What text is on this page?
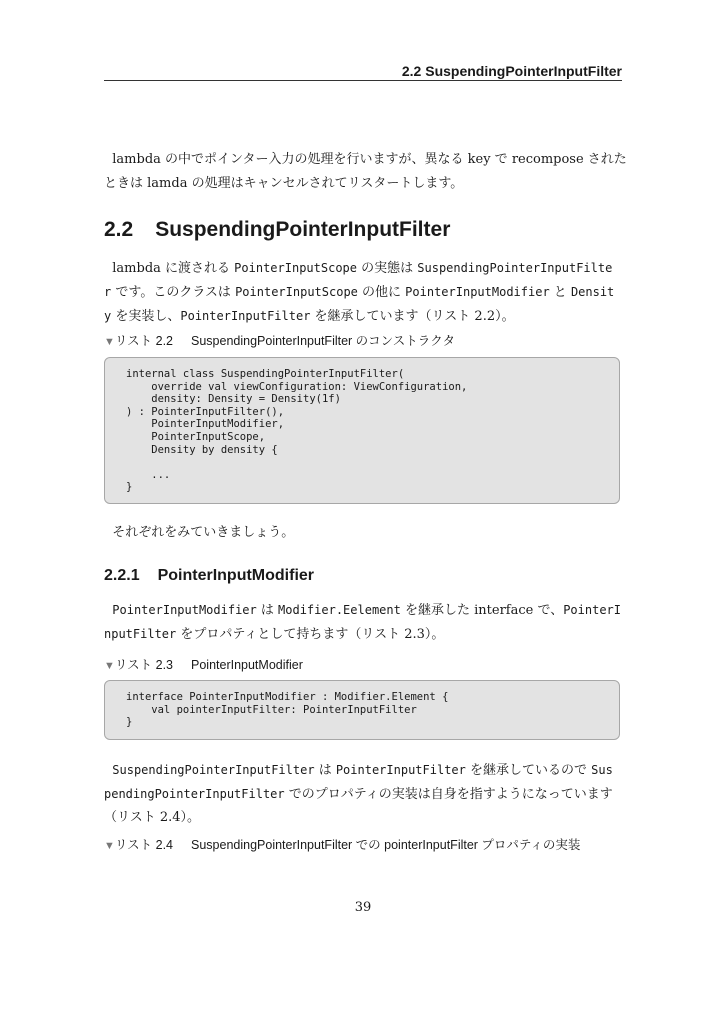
2.2 SuspendingPointerInputFilter
lambda の中でポインター入力の処理を行いますが、異なる key で recompose された
ときは lamda の処理はキャンセルされてリスタートします。
2.2 SuspendingPointerInputFilter
lambda に渡される PointerInputScope の実態は SuspendingPointerInputFilte
r です。このクラスは PointerInputScope の他に PointerInputModifier と Densit
y を実装し、PointerInputFilter を継承しています（リスト 2.2）。
▼リスト 2.2 SuspendingPointerInputFilter のコンストラクタ
internal class SuspendingPointerInputFilter(
override val viewConfiguration: ViewConfiguration,
density: Density = Density(1f)
) : PointerInputFilter(),
PointerInputModifier,
PointerInputScope,
Density by density {

...
}
それぞれをみていきましょう。
2.2.1 PointerInputModifier
PointerInputModifier は Modifier.Eelement を継承した interface で、PointerI
nputFilter をプロパティとして持ちます（リスト 2.3）。
▼リスト 2.3 PointerInputModifier
interface PointerInputModifier : Modifier.Element {
val pointerInputFilter: PointerInputFilter
}
SuspendingPointerInputFilter は PointerInputFilter を継承しているので Sus
pendingPointerInputFilter でのプロパティの実装は自身を指すようになっています
（リスト 2.4）。
▼リスト 2.4 SuspendingPointerInputFilter での pointerInputFilter プロパティの実装
39
